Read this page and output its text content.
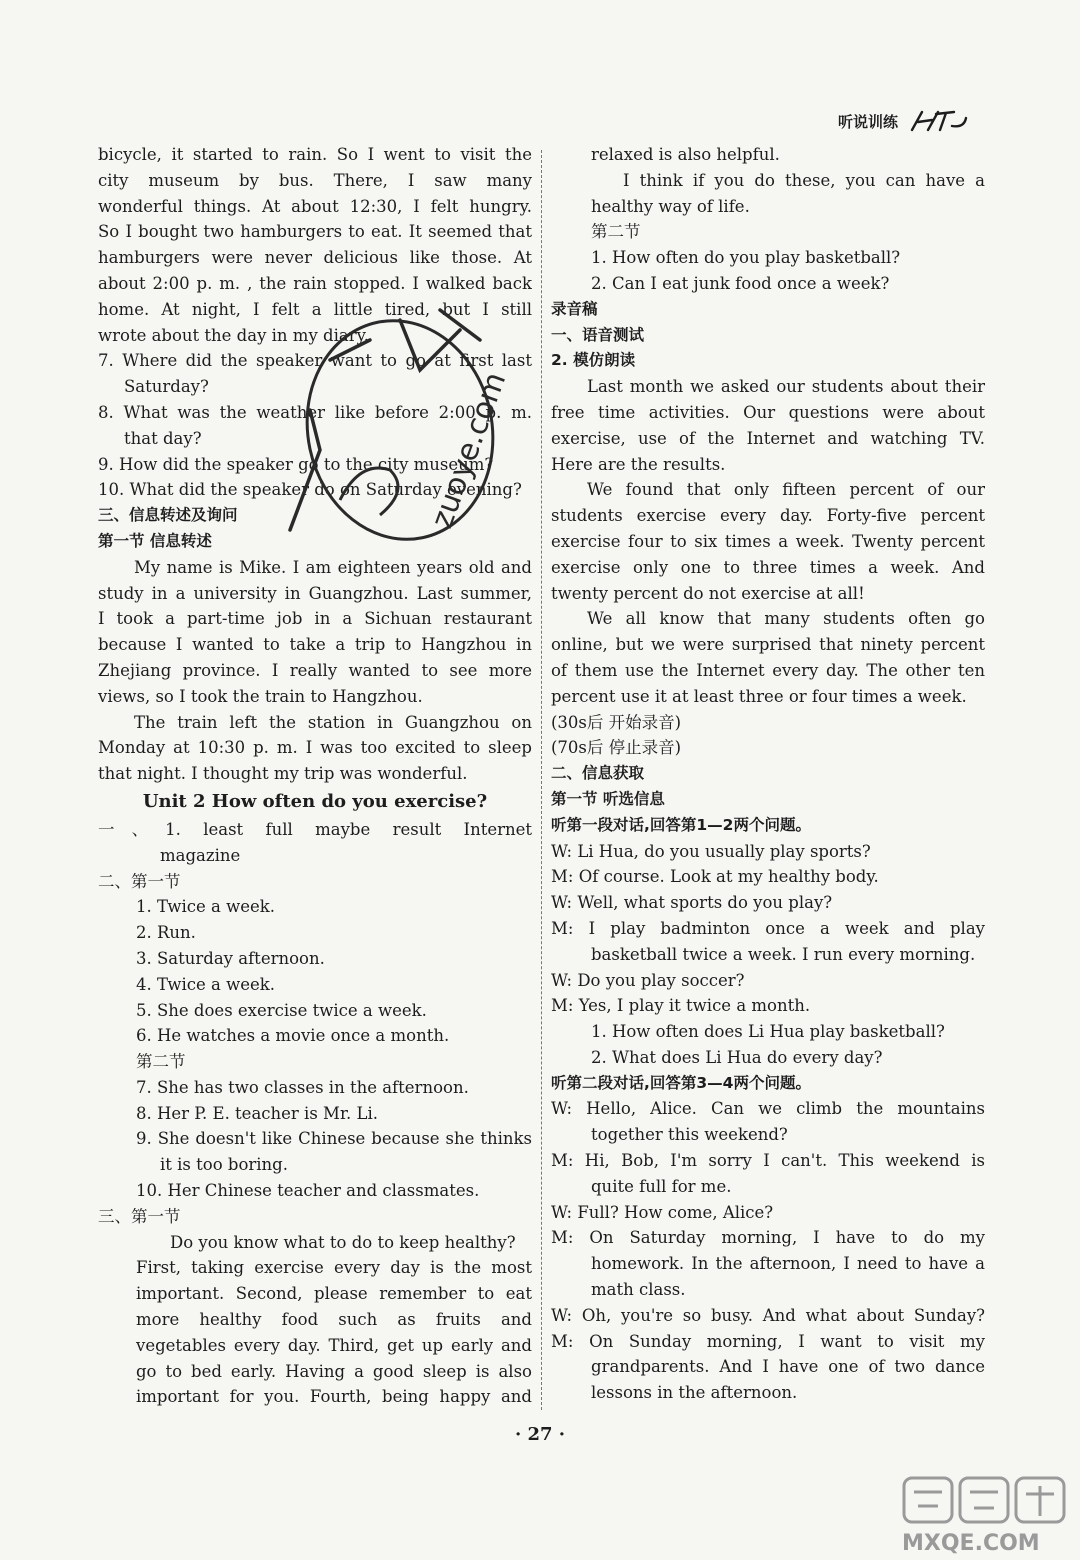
听说训练
bicycle, it started to rain. So I went to visit the
city museum by bus. There, I saw many
wonderful things. At about 12:30, I felt hungry.
So I bought two hamburgers to eat. It seemed that
hamburgers were never delicious like those. At
about 2:00 p. m. , the rain stopped. I walked back
home. At night, I felt a little tired, but I still
wrote about the day in my diary.
7. Where did the speaker want to go at first last
Saturday?
8. What was the weather like before 2:00 p. m.
that day?
9. How did the speaker go to the city museum?
10. What did the speaker do on Saturday evening?
三、信息转述及询问
第一节 信息转述
My name is Mike. I am eighteen years old and
study in a university in Guangzhou. Last summer,
I took a part-time job in a Sichuan restaurant
because I wanted to take a trip to Hangzhou in
Zhejiang province. I really wanted to see more
views, so I took the train to Hangzhou.
The train left the station in Guangzhou on
Monday at 10:30 p. m. I was too excited to sleep
that night. I thought my trip was wonderful.
Unit 2 How often do you exercise?
一、1. least full maybe result Internet
magazine
二、第一节
1. Twice a week.
2. Run.
3. Saturday afternoon.
4. Twice a week.
5. She does exercise twice a week.
6. He watches a movie once a month.
第二节
7. She has two classes in the afternoon.
8. Her P. E. teacher is Mr. Li.
9. She doesn't like Chinese because she thinks
it is too boring.
10. Her Chinese teacher and classmates.
三、第一节
Do you know what to do to keep healthy?
First, taking exercise every day is the most
important. Second, please remember to eat
more healthy food such as fruits and
vegetables every day. Third, get up early and
go to bed early. Having a good sleep is also
important for you. Fourth, being happy and
relaxed is also helpful.
I think if you do these, you can have a
healthy way of life.
第二节
1. How often do you play basketball?
2. Can I eat junk food once a week?
录音稿
一、语音测试
2. 模仿朗读
Last month we asked our students about their
free time activities. Our questions were about
exercise, use of the Internet and watching TV.
Here are the results.
We found that only fifteen percent of our
students exercise every day. Forty-five percent
exercise four to six times a week. Twenty percent
exercise only one to three times a week. And
twenty percent do not exercise at all!
We all know that many students often go
online, but we were surprised that ninety percent
of them use the Internet every day. The other ten
percent use it at least three or four times a week.
(30s后 开始录音)
(70s后 停止录音)
二、信息获取
第一节 听选信息
听第一段对话,回答第1—2两个问题。
W: Li Hua, do you usually play sports?
M: Of course. Look at my healthy body.
W: Well, what sports do you play?
M: I play badminton once a week and play
basketball twice a week. I run every morning.
W: Do you play soccer?
M: Yes, I play it twice a month.
1. How often does Li Hua play basketball?
2. What does Li Hua do every day?
听第二段对话,回答第3—4两个问题。
W: Hello, Alice. Can we climb the mountains
together this weekend?
M: Hi, Bob, I'm sorry I can't. This weekend is
quite full for me.
W: Full? How come, Alice?
M: On Saturday morning, I have to do my
homework. In the afternoon, I need to have a
math class.
W: Oh, you're so busy. And what about Sunday?
M: On Sunday morning, I want to visit my
grandparents. And I have one of two dance
lessons in the afternoon.
zuoye.com
· 27 ·
MXQE.COM
